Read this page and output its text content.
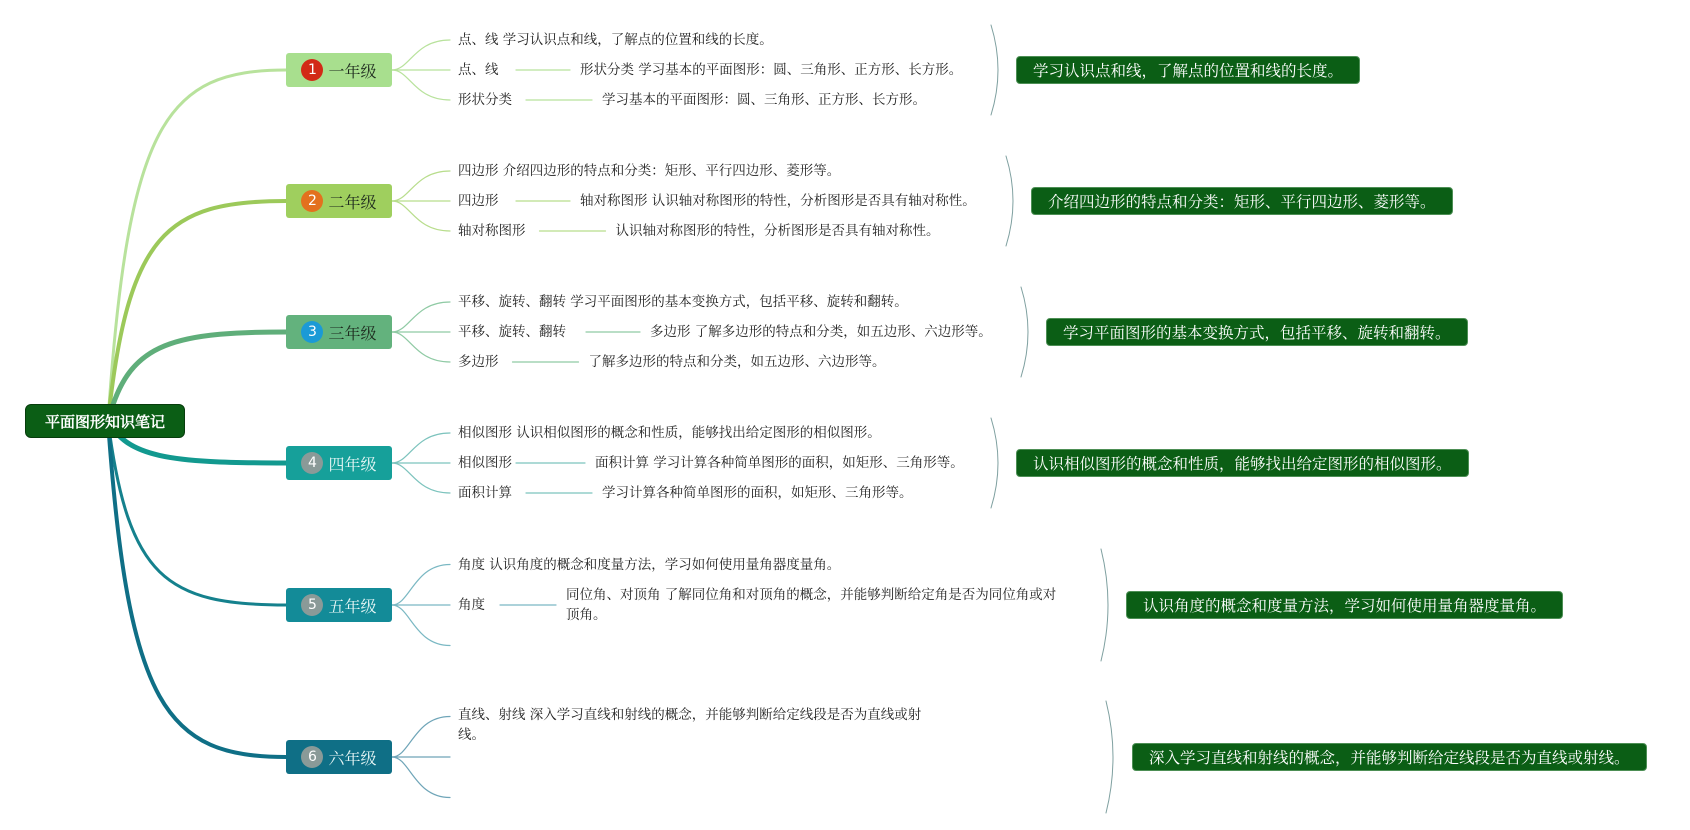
平面图形知识笔记
1 一年级
点、线 学习认识点和线，了解点的位置和线的长度。
点、线	形状分类 学习基本的平面图形：圆、三角形、正方形、长方形。
形状分类	学习基本的平面图形：圆、三角形、正方形、长方形。
学习认识点和线，了解点的位置和线的长度。
2 二年级
四边形 介绍四边形的特点和分类：矩形、平行四边形、菱形等。
四边形	轴对称图形 认识轴对称图形的特性，分析图形是否具有轴对称性。
轴对称图形	认识轴对称图形的特性，分析图形是否具有轴对称性。
介绍四边形的特点和分类：矩形、平行四边形、菱形等。
3 三年级
平移、旋转、翻转 学习平面图形的基本变换方式，包括平移、旋转和翻转。
平移、旋转、翻转	多边形 了解多边形的特点和分类，如五边形、六边形等。
多边形	了解多边形的特点和分类，如五边形、六边形等。
学习平面图形的基本变换方式，包括平移、旋转和翻转。
4 四年级
相似图形 认识相似图形的概念和性质，能够找出给定图形的相似图形。
相似图形	面积计算 学习计算各种简单图形的面积，如矩形、三角形等。
面积计算	学习计算各种简单图形的面积，如矩形、三角形等。
认识相似图形的概念和性质，能够找出给定图形的相似图形。
5 五年级
角度 认识角度的概念和度量方法，学习如何使用量角器度量角。
角度
同位角、对顶角 了解同位角和对顶角的概念，并能够判断给定角是否为同位角或对顶角。	认识角度的概念和度量方法，学习如何使用量角器度量角。
6 六年级
直线、射线 深入学习直线和射线的概念，并能够判断给定线段是否为直线或射线。
深入学习直线和射线的概念，并能够判断给定线段是否为直线或射线。
